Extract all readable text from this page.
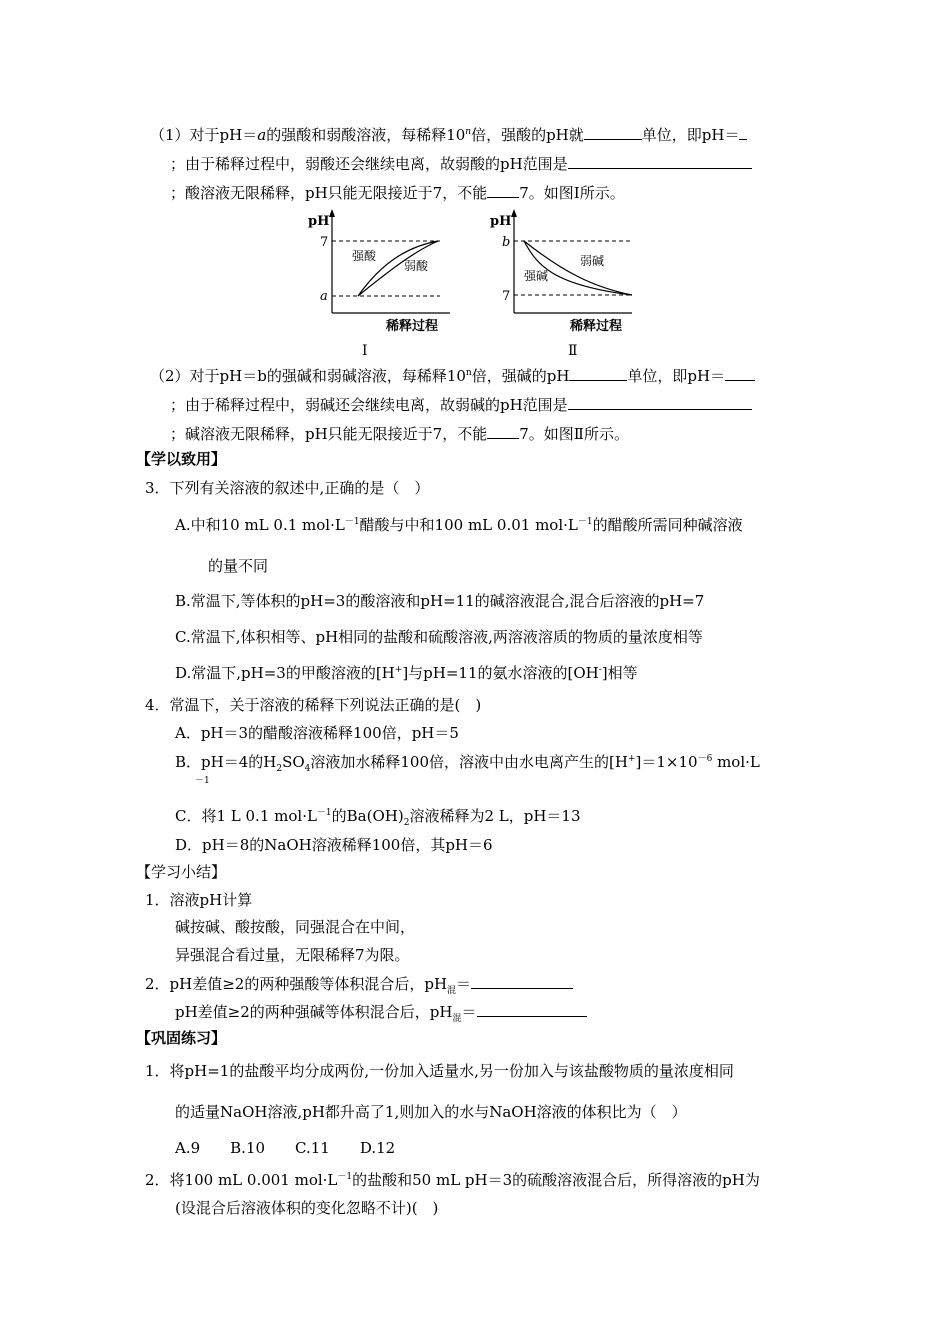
（1）对于pH＝a的强酸和弱酸溶液，每稀释10$^n$倍，强酸的pH就	单位，即pH＝
；由于稀释过程中，弱酸还会继续电离，故弱酸的pH范围是
；酸溶液无限稀释，pH只能无限接近于7，不能 7。如图Ⅰ所示。
pH
7
a
强酸
弱酸
稀释过程
Ⅰ
pH
b
7
强碱
弱碱
稀释过程
Ⅱ
（2）对于pH＝b的强碱和弱碱溶液，每稀释10$^n$倍，强碱的pH	单位，即pH＝
；由于稀释过程中，弱碱还会继续电离，故弱碱的pH范围是
；碱溶液无限稀释，pH只能无限接近于7，不能 7。如图Ⅱ所示。
【学以致用】
3．下列有关溶液的叙述中,正确的是（　）
A.中和10 mL 0.1 $mol\cdot L^{-1}$醋酸与中和100 mL 0.01 $mol\cdot L^{-1}$的醋酸所需同种碱溶液
的量不同
B.常温下,等体积的pH=3的酸溶液和pH=11的碱溶液混合,混合后溶液的pH=7
C.常温下,体积相等、pH相同的盐酸和硫酸溶液,两溶液溶质的物质的量浓度相等
D.常温下,pH=3的甲酸溶液的[H+]与pH=11的氨水溶液的[OH-]相等
4．常温下，关于溶液的稀释下列说法正确的是(　)
A．pH＝3的醋酸溶液稀释100倍，pH＝5
B．pH＝4的$H_2SO_4$溶液加水稀释100倍，溶液中由水电离产生的$[H^+]=1\times 10^{-6}$ mol·L
－1
C．将1 L 0.1 $mol\cdot L^{-1}$的$Ba(OH)_2$溶液稀释为2 L，pH＝13
D．pH＝8的NaOH溶液稀释100倍，其pH＝6
【学习小结】
1．溶液pH计算
碱按碱、酸按酸，同强混合在中间，
异强混合看过量，无限稀释7为限。
2．pH差值≥2的两种强酸等体积混合后，$pH_混=$
pH差值≥2的两种强碱等体积混合后，$pH_混=$
【巩固练习】
1．将pH=1的盐酸平均分成两份,一份加入适量水,另一份加入与该盐酸物质的量浓度相同
的适量NaOH溶液,pH都升高了1,则加入的水与NaOH溶液的体积比为（　）
A.9 B.10 C.11 D.12
2．将100 mL 0.001 $mol\cdot L^{-1}$的盐酸和50 mL pH＝3的硫酸溶液混合后，所得溶液的pH为
(设混合后溶液体积的变化忽略不计)(　)
